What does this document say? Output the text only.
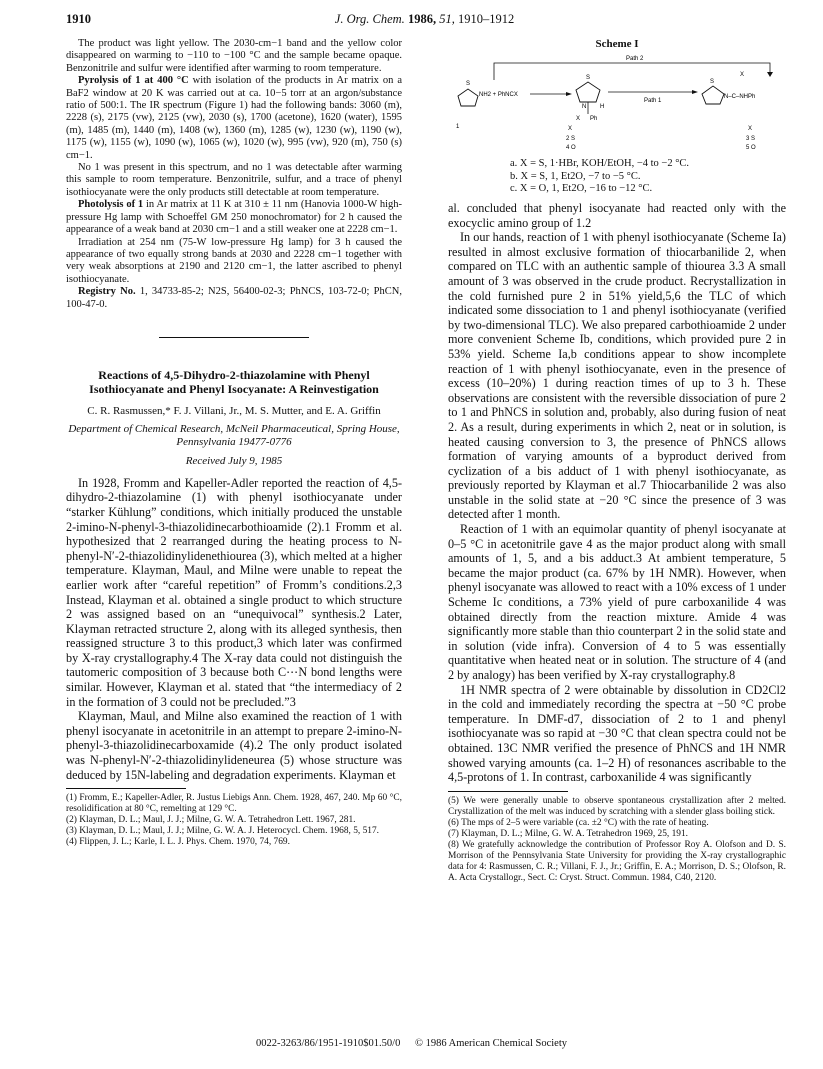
1910	J. Org. Chem. 1986, 51, 1910–1912

The product was light yellow. The 2030-cm−1 band and the yellow color disappeared on warming to −110 to −100 °C and the sample became opaque. Benzonitrile and sulfur were identified after warming to room temperature.

Pyrolysis of 1 at 400 °C with isolation of the products in Ar matrix on a BaF2 window at 20 K was carried out at ca. 10−5 torr at an argon/substance ratio of 500:1. The IR spectrum (Figure 1) had the following bands: 3060 (m), 2228 (s), 2175 (vw), 2125 (vw), 2030 (s), 1700 (acetone), 1620 (water), 1595 (m), 1485 (m), 1440 (m), 1408 (w), 1360 (m), 1285 (w), 1230 (w), 1190 (w), 1175 (w), 1155 (w), 1090 (w), 1065 (w), 1020 (w), 995 (vw), 920 (m), 750 (s) cm−1.

No 1 was present in this spectrum, and no 1 was detectable after warming this sample to room temperature. Benzonitrile, sulfur, and a trace of phenyl isothiocyanate were the only products still detectable at room temperature.

Photolysis of 1 in Ar matrix at 11 K at 310 ± 11 nm (Hanovia 1000-W high-pressure Hg lamp with Schoeffel GM 250 monochromator) for 2 h caused the appearance of a weak band at 2030 cm−1 and a still weaker one at 2228 cm−1.

Irradiation at 254 nm (75-W low-pressure Hg lamp) for 3 h caused the appearance of two equally strong bands at 2030 and 2228 cm−1 together with very weak absorptions at 2190 and 2120 cm−1, the latter ascribed to phenyl isothiocyanate.

Registry No. 1, 34733-85-2; N2S, 56400-02-3; PhNCS, 103-72-0; PhCN, 100-47-0.

Reactions of 4,5-Dihydro-2-thiazolamine with Phenyl Isothiocyanate and Phenyl Isocyanate: A Reinvestigation

C. R. Rasmussen,* F. J. Villani, Jr., M. S. Mutter, and E. A. Griffin

Department of Chemical Research, McNeil Pharmaceutical, Spring House, Pennsylvania 19477-0776

Received July 9, 1985

In 1928, Fromm and Kapeller-Adler reported the reaction of 4,5-dihydro-2-thiazolamine (1) with phenyl isothiocyanate under “starker Kühlung” conditions, which initially produced the unstable 2-imino-N-phenyl-3-thiazolidinecarbothioamide (2).1 Fromm et al. hypothesized that 2 rearranged during the heating process to N-phenyl-N′-2-thiazolidinylidenethiourea (3), which melted at a higher temperature. Klayman, Maul, and Milne were unable to repeat the earlier work after “careful repetition” of Fromm’s conditions.2,3 Instead, Klayman et al. obtained a single product to which structure 2 was assigned based on an “unequivocal” synthesis.2 Later, Klayman retracted structure 2, along with its alleged synthesis, then reassigned structure 3 to this product,3 which later was confirmed by X-ray crystallography.4 The X-ray data could not distinguish the tautomeric composition of 3 because both C⋯N bond lengths were similar. However, Klayman et al. stated that “the intermediacy of 2 in the formation of 3 could not be precluded.”3

Klayman, Maul, and Milne also examined the reaction of 1 with phenyl isocyanate in acetonitrile in an attempt to prepare 2-imino-N-phenyl-3-thiazolidinecarboxamide (4).2 The only product isolated was N-phenyl-N′-2-thiazolidinylideneurea (5) whose structure was deduced by 15N-labeling and degradation experiments. Klayman et

(1) Fromm, E.; Kapeller-Adler, R. Justus Liebigs Ann. Chem. 1928, 467, 240. Mp 60 °C, resolidification at 80 °C, remelting at 129 °C.

(2) Klayman, D. L.; Maul, J. J.; Milne, G. W. A. Tetrahedron Lett. 1967, 281.

(3) Klayman, D. L.; Maul, J. J.; Milne, G. W. A. J. Heterocycl. Chem. 1968, 5, 517.

(4) Flippen, J. L.; Karle, I. L. J. Phys. Chem. 1970, 74, 769.

Scheme I
Path 2
S
NH2 + PhNCX
1
S
N H
Ph
X
X
2 S
4 O
Path 1
S
N–C–NHPh
X
X
3 S
5 O
a. X = S, 1·HBr, KOH/EtOH, −4 to −2 °C.
b. X = S, 1, Et2O, −7 to −5 °C.
c. X = O, 1, Et2O, −16 to −12 °C.

al. concluded that phenyl isocyanate had reacted only with the exocyclic amino group of 1.2

In our hands, reaction of 1 with phenyl isothiocyanate (Scheme Ia) resulted in almost exclusive formation of thiocarbanilide 2, when compared on TLC with an authentic sample of thiourea 3.3 A small amount of 3 was observed in the crude product. Recrystallization in the cold furnished pure 2 in 51% yield,5,6 the TLC of which indicated some dissociation to 1 and phenyl isothiocyanate (verified by two-dimensional TLC). We also prepared carbothioamide 2 under more convenient Scheme Ib, conditions, which provided pure 2 in 53% yield. Scheme Ia,b conditions appear to show incomplete reaction of 1 with phenyl isothiocyanate, even in the presence of excess (10–20%) 1 during reaction times of up to 3 h. These observations are consistent with the reversible dissociation of pure 2 to 1 and PhNCS in solution and, probably, also during fusion of neat 2. As a result, during experiments in which 2, neat or in solution, is heated causing conversion to 3, the presence of PhNCS allows formation of varying amounts of a byproduct derived from cyclization of a bis adduct of 1 with phenyl isothiocyanate, as previously reported by Klayman et al.7 Thiocarbanilide 2 was also unstable in the solid state at −20 °C since the presence of 3 was detected after 1 month.

Reaction of 1 with an equimolar quantity of phenyl isocyanate at 0–5 °C in acetonitrile gave 4 as the major product along with small amounts of 1, 5, and a bis adduct.3 At ambient temperature, 5 became the major product (ca. 67% by 1H NMR). However, when phenyl isocyanate was allowed to react with a 10% excess of 1 under Scheme Ic conditions, a 73% yield of pure carboxanilide 4 was obtained directly from the reaction mixture. Amide 4 was significantly more stable than thio counterpart 2 in the solid state and in solution (vide infra). Conversion of 4 to 5 was essentially quantitative when heated neat or in solution. The structure of 4 (and 2 by analogy) has been verified by X-ray crystallography.8

1H NMR spectra of 2 were obtainable by dissolution in CD2Cl2 in the cold and immediately recording the spectra at −50 °C probe temperature. In DMF-d7, dissociation of 2 to 1 and phenyl isothiocyanate was so rapid at −30 °C that clean spectra could not be obtained. 13C NMR verified the presence of PhNCS and 1H NMR showed varying amounts (ca. 1–2 H) of resonances ascribable to the 4,5-protons of 1. In contrast, carboxanilide 4 was significantly

(5) We were generally unable to observe spontaneous crystallization after 2 melted. Crystallization of the melt was induced by scratching with a slender glass boiling stick.

(6) The mps of 2–5 were variable (ca. ±2 °C) with the rate of heating.

(7) Klayman, D. L.; Milne, G. W. A. Tetrahedron 1969, 25, 191.

(8) We gratefully acknowledge the contribution of Professor Roy A. Olofson and D. S. Morrison of the Pennsylvania State University for providing the X-ray crystallographic data for 4: Rasmussen, C. R.; Villani, F. J., Jr.; Griffin, E. A.; Morrison, D. S.; Olofson, R. A. Acta Crystallogr., Sect. C: Cryst. Struct. Commun. 1984, C40, 2120.

0022-3263/86/1951-1910$01.50/0 © 1986 American Chemical Society
